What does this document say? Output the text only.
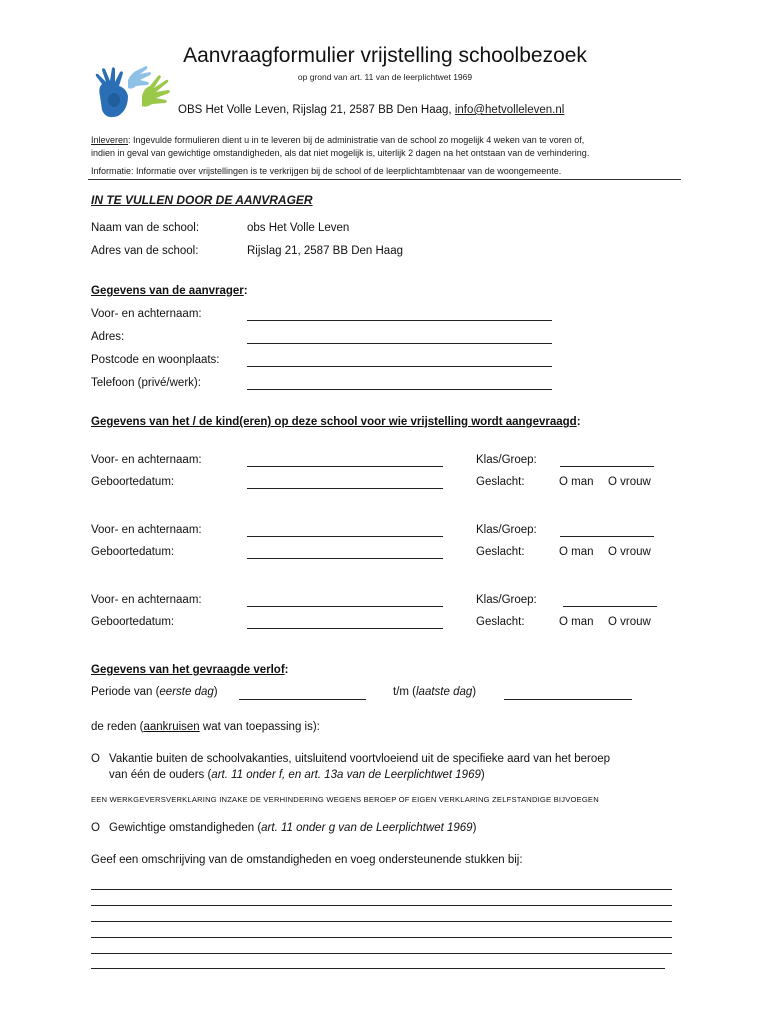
Aanvraagformulier vrijstelling schoolbezoek
op grond van art. 11 van de leerplichtwet 1969
OBS Het Volle Leven, Rijslag 21, 2587 BB Den Haag, info@hetvolleleven.nl
Inleveren: Ingevulde formulieren dient u in te leveren bij de administratie van de school zo mogelijk 4 weken van te voren of,
indien in geval van gewichtige omstandigheden, als dat niet mogelijk is, uiterlijk 2 dagen na het ontstaan van de verhindering.
Informatie: Informatie over vrijstellingen is te verkrijgen bij de school of de leerplichtambtenaar van de woongemeente.
IN TE VULLEN DOOR DE AANVRAGER
Naam van de school:	obs Het Volle Leven
Adres van de school:	Rijslag 21, 2587 BB Den Haag
Gegevens van de aanvrager:
Voor- en achternaam:
Adres:
Postcode en woonplaats:
Telefoon (privé/werk):
Gegevens van het / de kind(eren) op deze school voor wie vrijstelling wordt aangevraagd:
Voor- en achternaam:	Klas/Groep:
Geboortedatum:	Geslacht:	O man O vrouw
Voor- en achternaam:	Klas/Groep:
Geboortedatum:	Geslacht:	O man O vrouw
Voor- en achternaam:	Klas/Groep:
Geboortedatum:	Geslacht:	O man O vrouw
Gegevens van het gevraagde verlof:
Periode van (eerste dag)	t/m (laatste dag)
de reden (aankruisen wat van toepassing is):
O Vakantie buiten de schoolvakanties, uitsluitend voortvloeiend uit de specifieke aard van het beroep
van één de ouders (art. 11 onder f, en art. 13a van de Leerplichtwet 1969)
EEN WERKGEVERSVERKLARING INZAKE DE VERHINDERING WEGENS BEROEP OF EIGEN VERKLARING ZELFSTANDIGE BIJVOEGEN
O Gewichtige omstandigheden (art. 11 onder g van de Leerplichtwet 1969)
Geef een omschrijving van de omstandigheden en voeg ondersteunende stukken bij:
